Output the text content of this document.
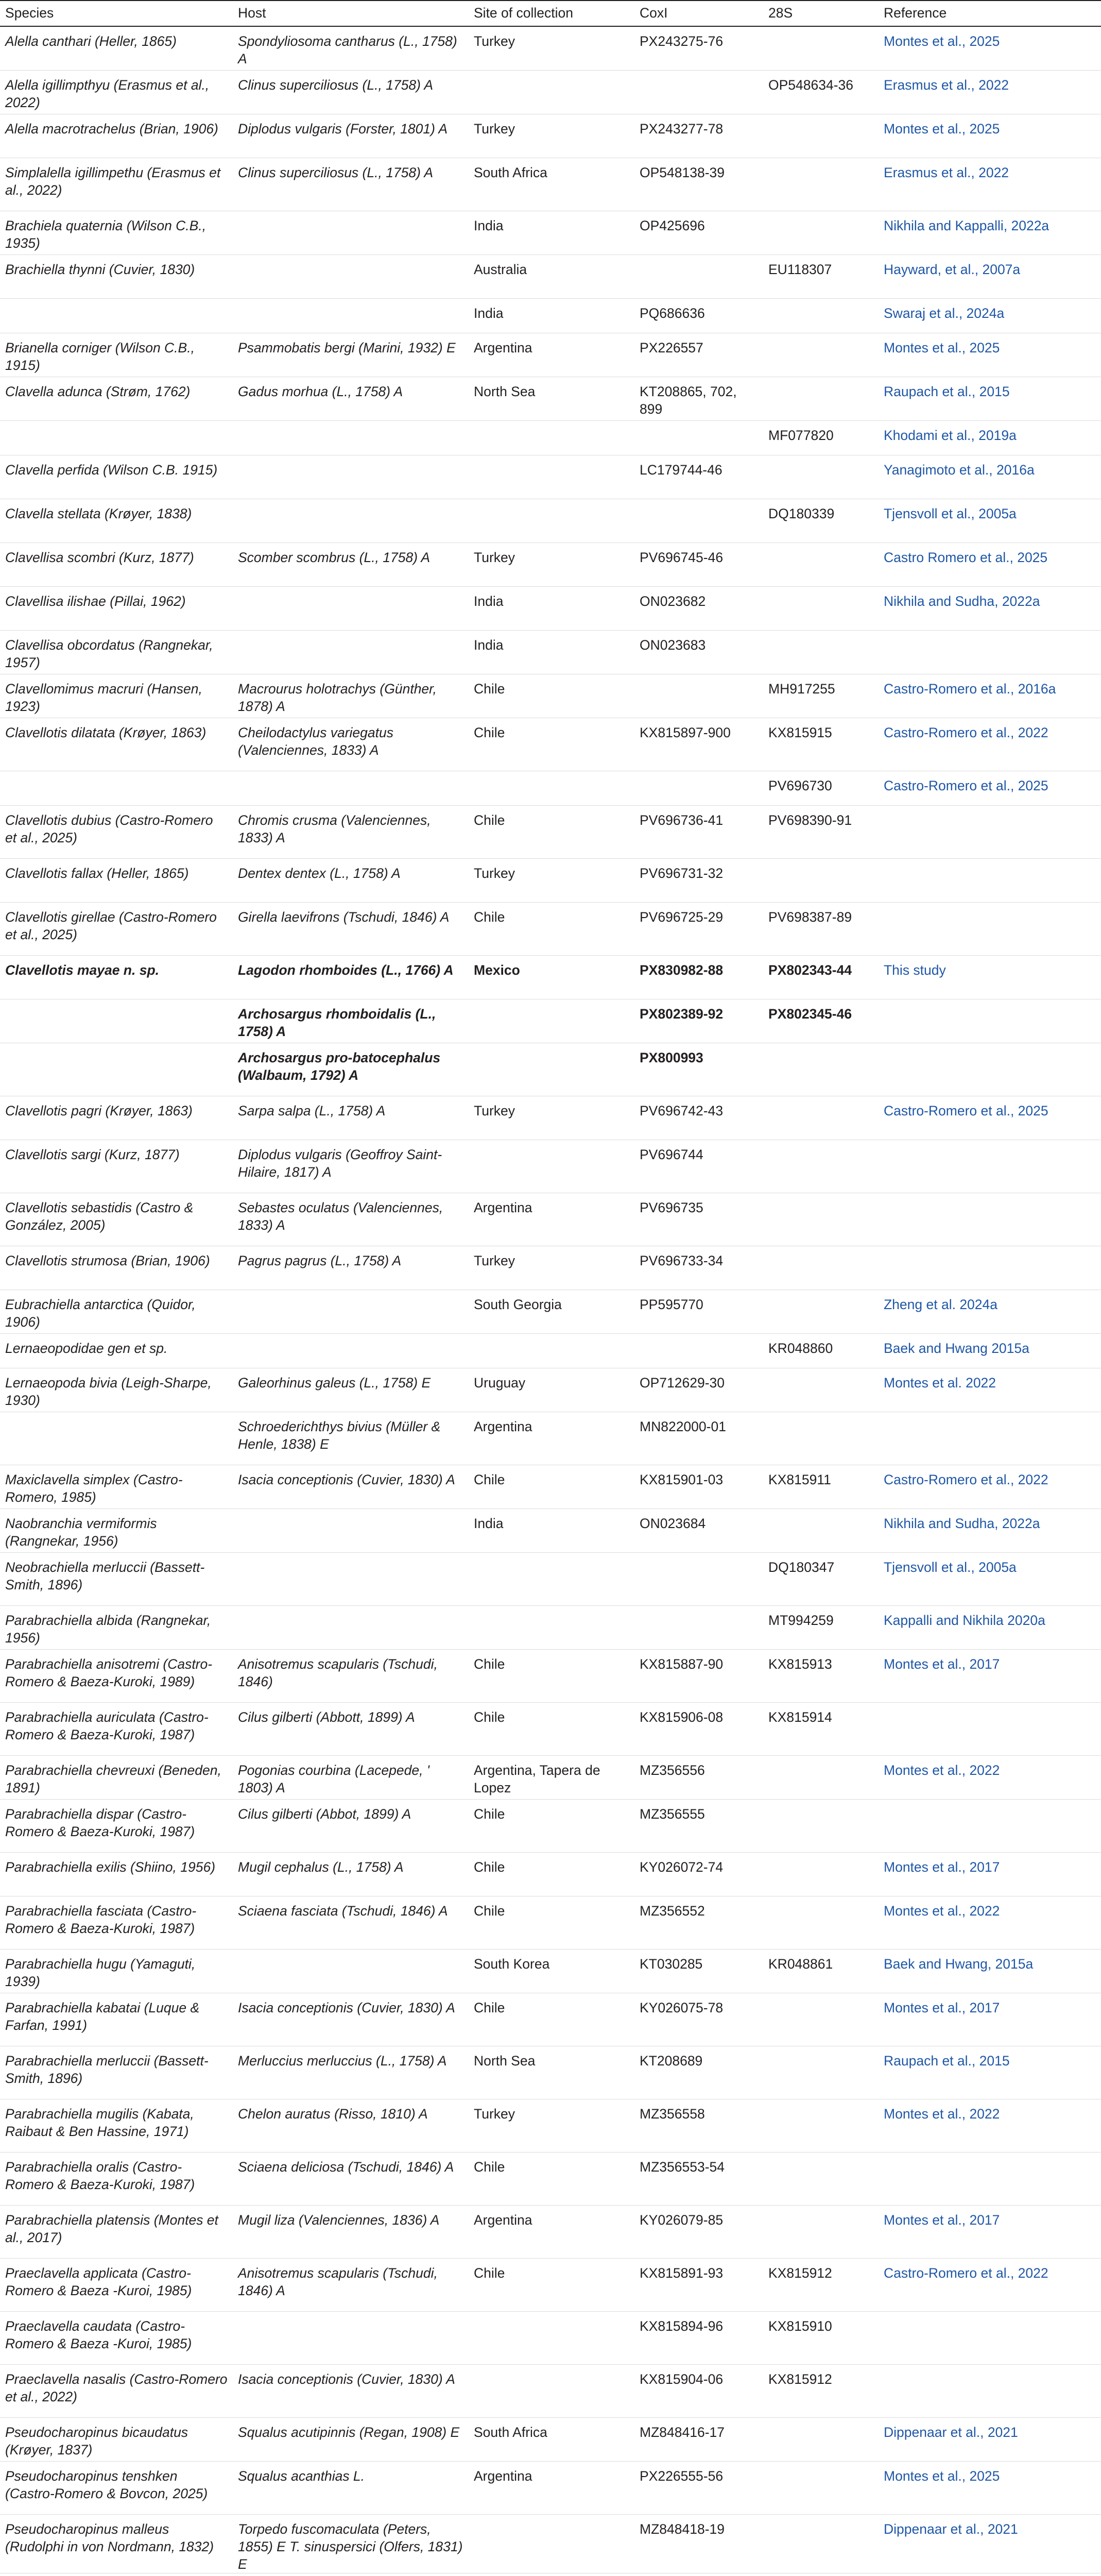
Species	Host	Site of collection	CoxI	28S	Reference
Alella canthari (Heller, 1865)	Spondyliosoma cantharus (L., 1758) A	Turkey	PX243275-76		Montes et al., 2025
Alella igillimpthyu (Erasmus et al., 2022)	Clinus superciliosus (L., 1758) A			OP548634-36	Erasmus et al., 2022
Alella macrotrachelus (Brian, 1906)	Diplodus vulgaris (Forster, 1801) A	Turkey	PX243277-78		Montes et al., 2025
Simplalella igillimpethu (Erasmus et al., 2022)	Clinus superciliosus (L., 1758) A	South Africa	OP548138-39		Erasmus et al., 2022
Brachiela quaternia (Wilson C.B., 1935)		India	OP425696		Nikhila and Kappalli, 2022a
Brachiella thynni (Cuvier, 1830)		Australia		EU118307	Hayward, et al., 2007a
		India	PQ686636		Swaraj et al., 2024a
Brianella corniger (Wilson C.B., 1915)	Psammobatis bergi (Marini, 1932) E	Argentina	PX226557		Montes et al., 2025
Clavella adunca (Strøm, 1762)	Gadus morhua (L., 1758) A	North Sea	KT208865, 702, 899		Raupach et al., 2015
				MF077820	Khodami et al., 2019a
Clavella perfida (Wilson C.B. 1915)			LC179744-46		Yanagimoto et al., 2016a
Clavella stellata (Krøyer, 1838)				DQ180339	Tjensvoll et al., 2005a
Clavellisa scombri (Kurz, 1877)	Scomber scombrus (L., 1758) A	Turkey	PV696745-46		Castro Romero et al., 2025
Clavellisa ilishae (Pillai, 1962)		India	ON023682		Nikhila and Sudha, 2022a
Clavellisa obcordatus (Rangnekar, 1957)		India	ON023683		
Clavellomimus macruri (Hansen, 1923)	Macrourus holotrachys (Günther, 1878) A	Chile		MH917255	Castro-Romero et al., 2016a
Clavellotis dilatata (Krøyer, 1863)	Cheilodactylus variegatus (Valenciennes, 1833) A	Chile	KX815897-900	KX815915	Castro-Romero et al., 2022
				PV696730	Castro-Romero et al., 2025
Clavellotis dubius (Castro-Romero et al., 2025)	Chromis crusma (Valenciennes, 1833) A	Chile	PV696736-41	PV698390-91	
Clavellotis fallax (Heller, 1865)	Dentex dentex (L., 1758) A	Turkey	PV696731-32		
Clavellotis girellae (Castro-Romero et al., 2025)	Girella laevifrons (Tschudi, 1846) A	Chile	PV696725-29	PV698387-89	
Clavellotis mayae n. sp.	Lagodon rhomboides (L., 1766) A	Mexico	PX830982-88	PX802343-44	This study
	Archosargus rhomboidalis (L., 1758) A		PX802389-92	PX802345-46	
	Archosargus pro-batocephalus (Walbaum, 1792) A		PX800993		
Clavellotis pagri (Krøyer, 1863)	Sarpa salpa (L., 1758) A	Turkey	PV696742-43		Castro-Romero et al., 2025
Clavellotis sargi (Kurz, 1877)	Diplodus vulgaris (Geoffroy Saint-Hilaire, 1817) A		PV696744		
Clavellotis sebastidis (Castro & González, 2005)	Sebastes oculatus (Valenciennes, 1833) A	Argentina	PV696735		
Clavellotis strumosa (Brian, 1906)	Pagrus pagrus (L., 1758) A	Turkey	PV696733-34		
Eubrachiella antarctica (Quidor, 1906)		South Georgia	PP595770		Zheng et al. 2024a
Lernaeopodidae gen et sp.				KR048860	Baek and Hwang 2015a
Lernaeopoda bivia (Leigh-Sharpe, 1930)	Galeorhinus galeus (L., 1758) E	Uruguay	OP712629-30		Montes et al. 2022
	Schroederichthys bivius (Müller & Henle, 1838) E	Argentina	MN822000-01		
Maxiclavella simplex (Castro-Romero, 1985)	Isacia conceptionis (Cuvier, 1830) A	Chile	KX815901-03	KX815911	Castro-Romero et al., 2022
Naobranchia vermiformis (Rangnekar, 1956)		India	ON023684		Nikhila and Sudha, 2022a
Neobrachiella merluccii (Bassett-Smith, 1896)				DQ180347	Tjensvoll et al., 2005a
Parabrachiella albida (Rangnekar, 1956)				MT994259	Kappalli and Nikhila 2020a
Parabrachiella anisotremi (Castro-Romero & Baeza-Kuroki, 1989)	Anisotremus scapularis (Tschudi, 1846)	Chile	KX815887-90	KX815913	Montes et al., 2017
Parabrachiella auriculata (Castro-Romero & Baeza-Kuroki, 1987)	Cilus gilberti (Abbott, 1899) A	Chile	KX815906-08	KX815914	
Parabrachiella chevreuxi (Beneden, 1891)	Pogonias courbina (Lacepede, ' 1803) A	Argentina, Tapera de Lopez	MZ356556		Montes et al., 2022
Parabrachiella dispar (Castro-Romero & Baeza-Kuroki, 1987)	Cilus gilberti (Abbot, 1899) A	Chile	MZ356555		
Parabrachiella exilis (Shiino, 1956)	Mugil cephalus (L., 1758) A	Chile	KY026072-74		Montes et al., 2017
Parabrachiella fasciata (Castro-Romero & Baeza-Kuroki, 1987)	Sciaena fasciata (Tschudi, 1846) A	Chile	MZ356552		Montes et al., 2022
Parabrachiella hugu (Yamaguti, 1939)		South Korea	KT030285	KR048861	Baek and Hwang, 2015a
Parabrachiella kabatai (Luque & Farfan, 1991)	Isacia conceptionis (Cuvier, 1830) A	Chile	KY026075-78		Montes et al., 2017
Parabrachiella merluccii (Bassett-Smith, 1896)	Merluccius merluccius (L., 1758) A	North Sea	KT208689		Raupach et al., 2015
Parabrachiella mugilis (Kabata, Raibaut & Ben Hassine, 1971)	Chelon auratus (Risso, 1810) A	Turkey	MZ356558		Montes et al., 2022
Parabrachiella oralis (Castro-Romero & Baeza-Kuroki, 1987)	Sciaena deliciosa (Tschudi, 1846) A	Chile	MZ356553-54		
Parabrachiella platensis (Montes et al., 2017)	Mugil liza (Valenciennes, 1836) A	Argentina	KY026079-85		Montes et al., 2017
Praeclavella applicata (Castro-Romero & Baeza -Kuroi, 1985)	Anisotremus scapularis (Tschudi, 1846) A	Chile	KX815891-93	KX815912	Castro-Romero et al., 2022
Praeclavella caudata (Castro-Romero & Baeza -Kuroi, 1985)			KX815894-96	KX815910	
Praeclavella nasalis (Castro-Romero et al., 2022)	Isacia conceptionis (Cuvier, 1830) A		KX815904-06	KX815912	
Pseudocharopinus bicaudatus (Krøyer, 1837)	Squalus acutipinnis (Regan, 1908) E	South Africa	MZ848416-17		Dippenaar et al., 2021
Pseudocharopinus tenshken (Castro-Romero & Bovcon, 2025)	Squalus acanthias L.	Argentina	PX226555-56		Montes et al., 2025
Pseudocharopinus malleus (Rudolphi in von Nordmann, 1832)	Torpedo fuscomaculata (Peters, 1855) E T. sinuspersici (Olfers, 1831) E		MZ848418-19		Dippenaar et al., 2021
